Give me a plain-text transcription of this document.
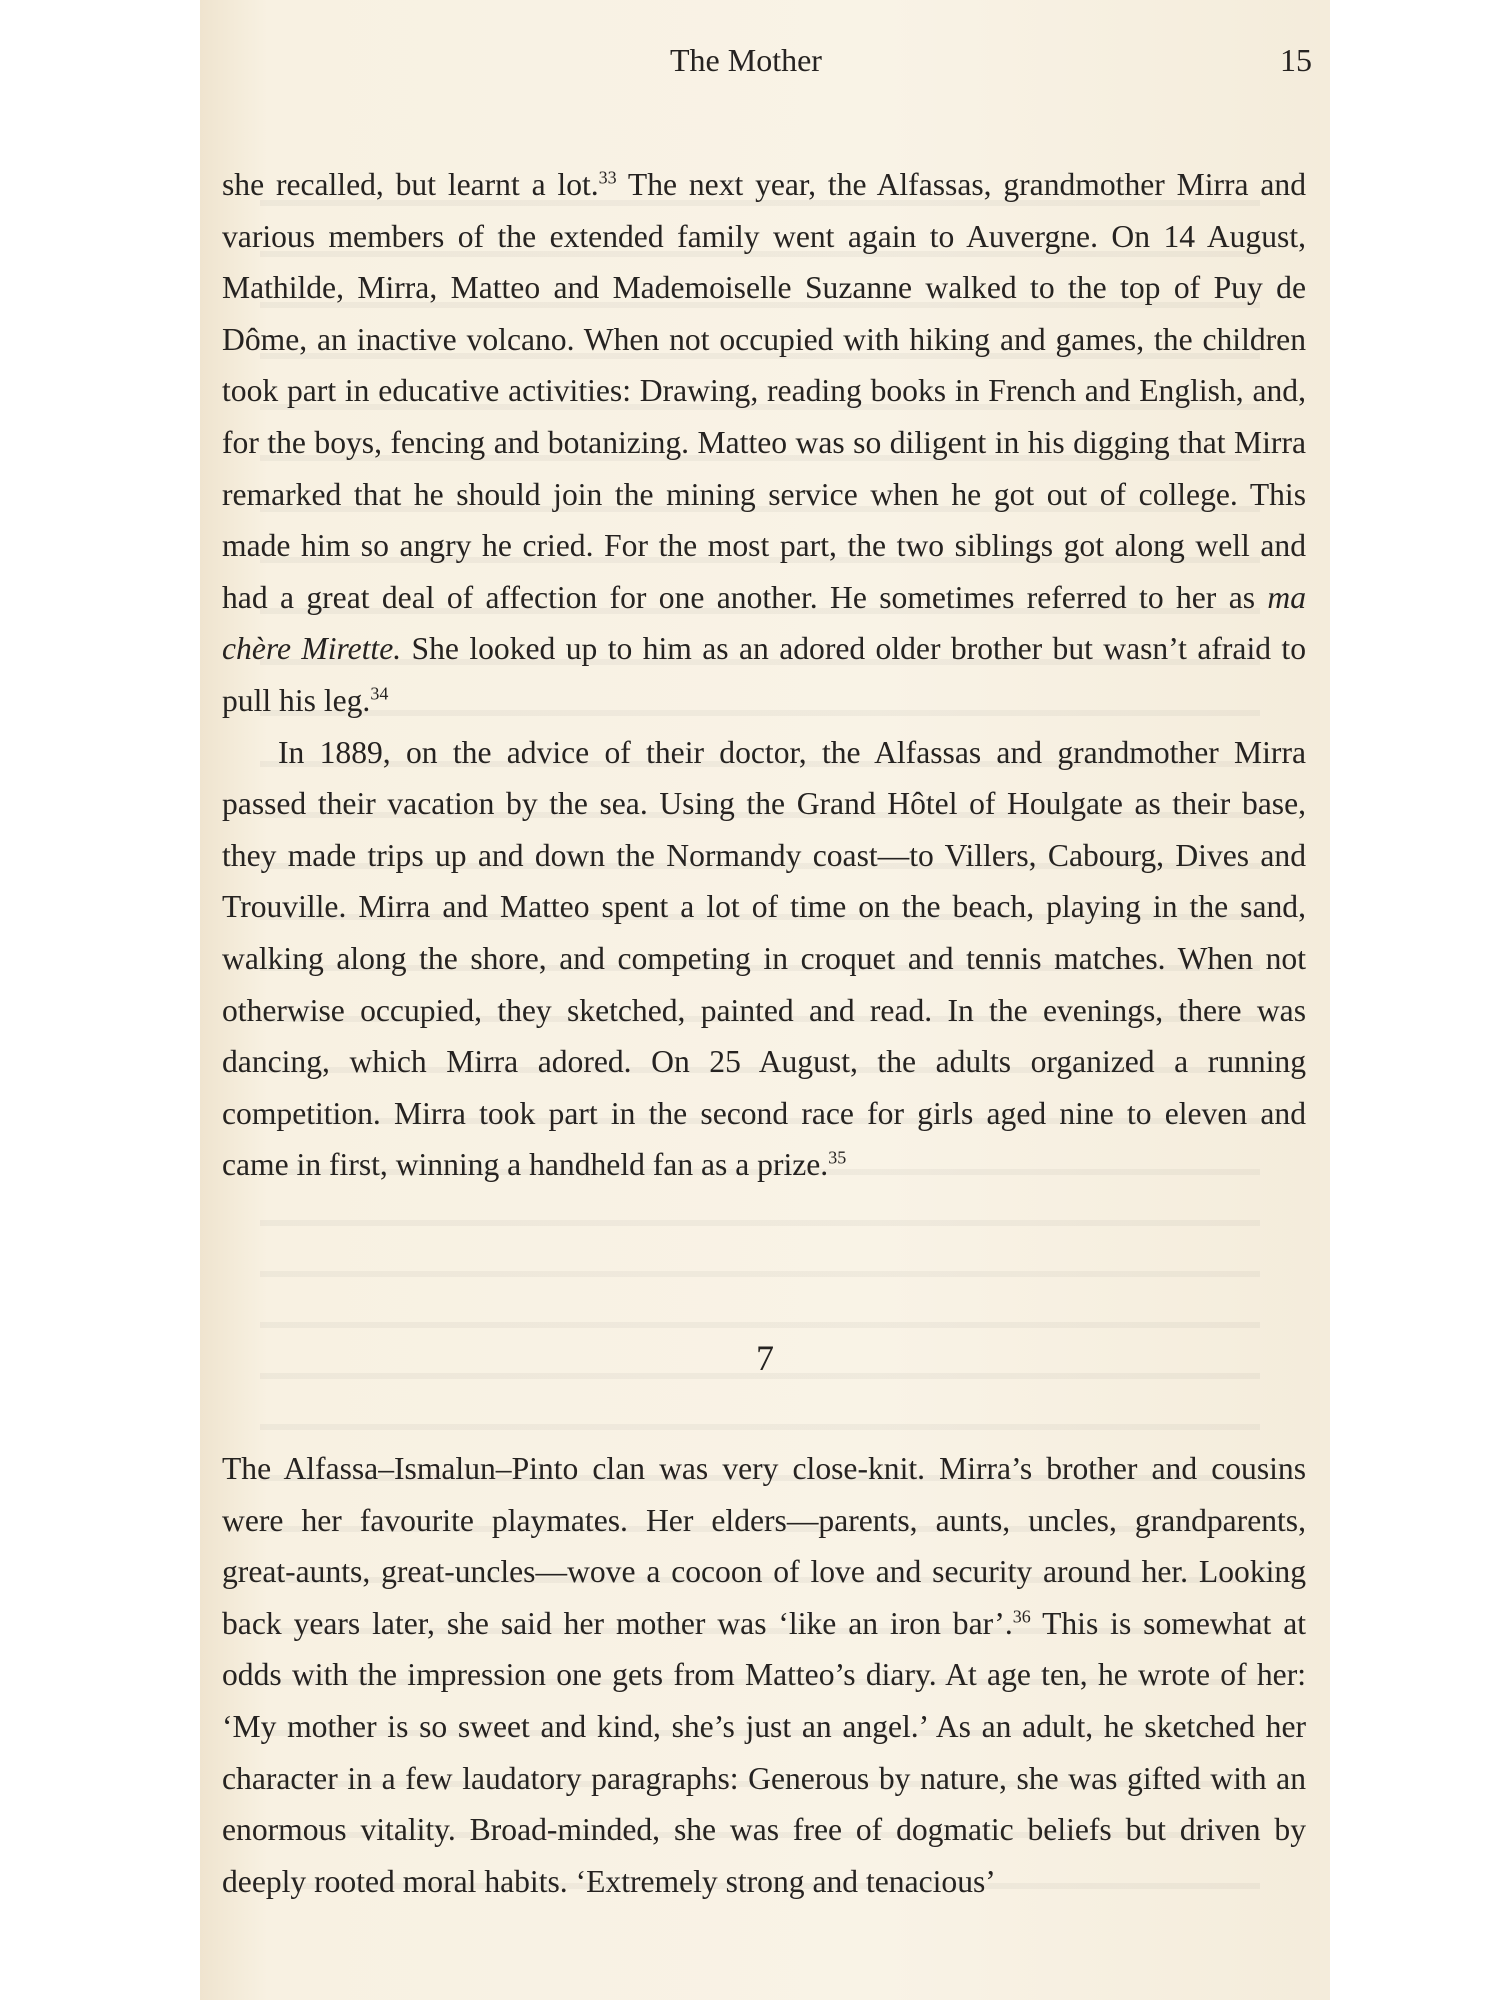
The Mother	15

she recalled, but learnt a lot.$^{33}$ The next year, the Alfassas, grandmother Mirra and various members of the extended family went again to Auvergne. On 14 August, Mathilde, Mirra, Matteo and Mademoiselle Suzanne walked to the top of Puy de Dôme, an inactive volcano. When not occupied with hiking and games, the children took part in educative activities: Drawing, reading books in French and English, and, for the boys, fencing and botanizing. Matteo was so diligent in his digging that Mirra remarked that he should join the mining service when he got out of college. This made him so angry he cried. For the most part, the two siblings got along well and had a great deal of affection for one another. He sometimes referred to her as ma chère Mirette. She looked up to him as an adored older brother but wasn’t afraid to pull his leg.$^{34}$

In 1889, on the advice of their doctor, the Alfassas and grandmother Mirra passed their vacation by the sea. Using the Grand Hôtel of Houlgate as their base, they made trips up and down the Normandy coast—to Villers, Cabourg, Dives and Trouville. Mirra and Matteo spent a lot of time on the beach, playing in the sand, walking along the shore, and competing in croquet and tennis matches. When not otherwise occupied, they sketched, painted and read. In the evenings, there was dancing, which Mirra adored. On 25 August, the adults organized a running competition. Mirra took part in the second race for girls aged nine to eleven and came in first, winning a handheld fan as a prize.$^{35}$

7

The Alfassa–Ismalun–Pinto clan was very close-knit. Mirra’s brother and cousins were her favourite playmates. Her elders—parents, aunts, uncles, grandparents, great-aunts, great-uncles—wove a cocoon of love and security around her. Looking back years later, she said her mother was ‘like an iron bar’.$^{36}$ This is somewhat at odds with the impression one gets from Matteo’s diary. At age ten, he wrote of her: ‘My mother is so sweet and kind, she’s just an angel.’ As an adult, he sketched her character in a few laudatory paragraphs: Generous by nature, she was gifted with an enormous vitality. Broad-minded, she was free of dogmatic beliefs but driven by deeply rooted moral habits. ‘Extremely strong and tenacious’
